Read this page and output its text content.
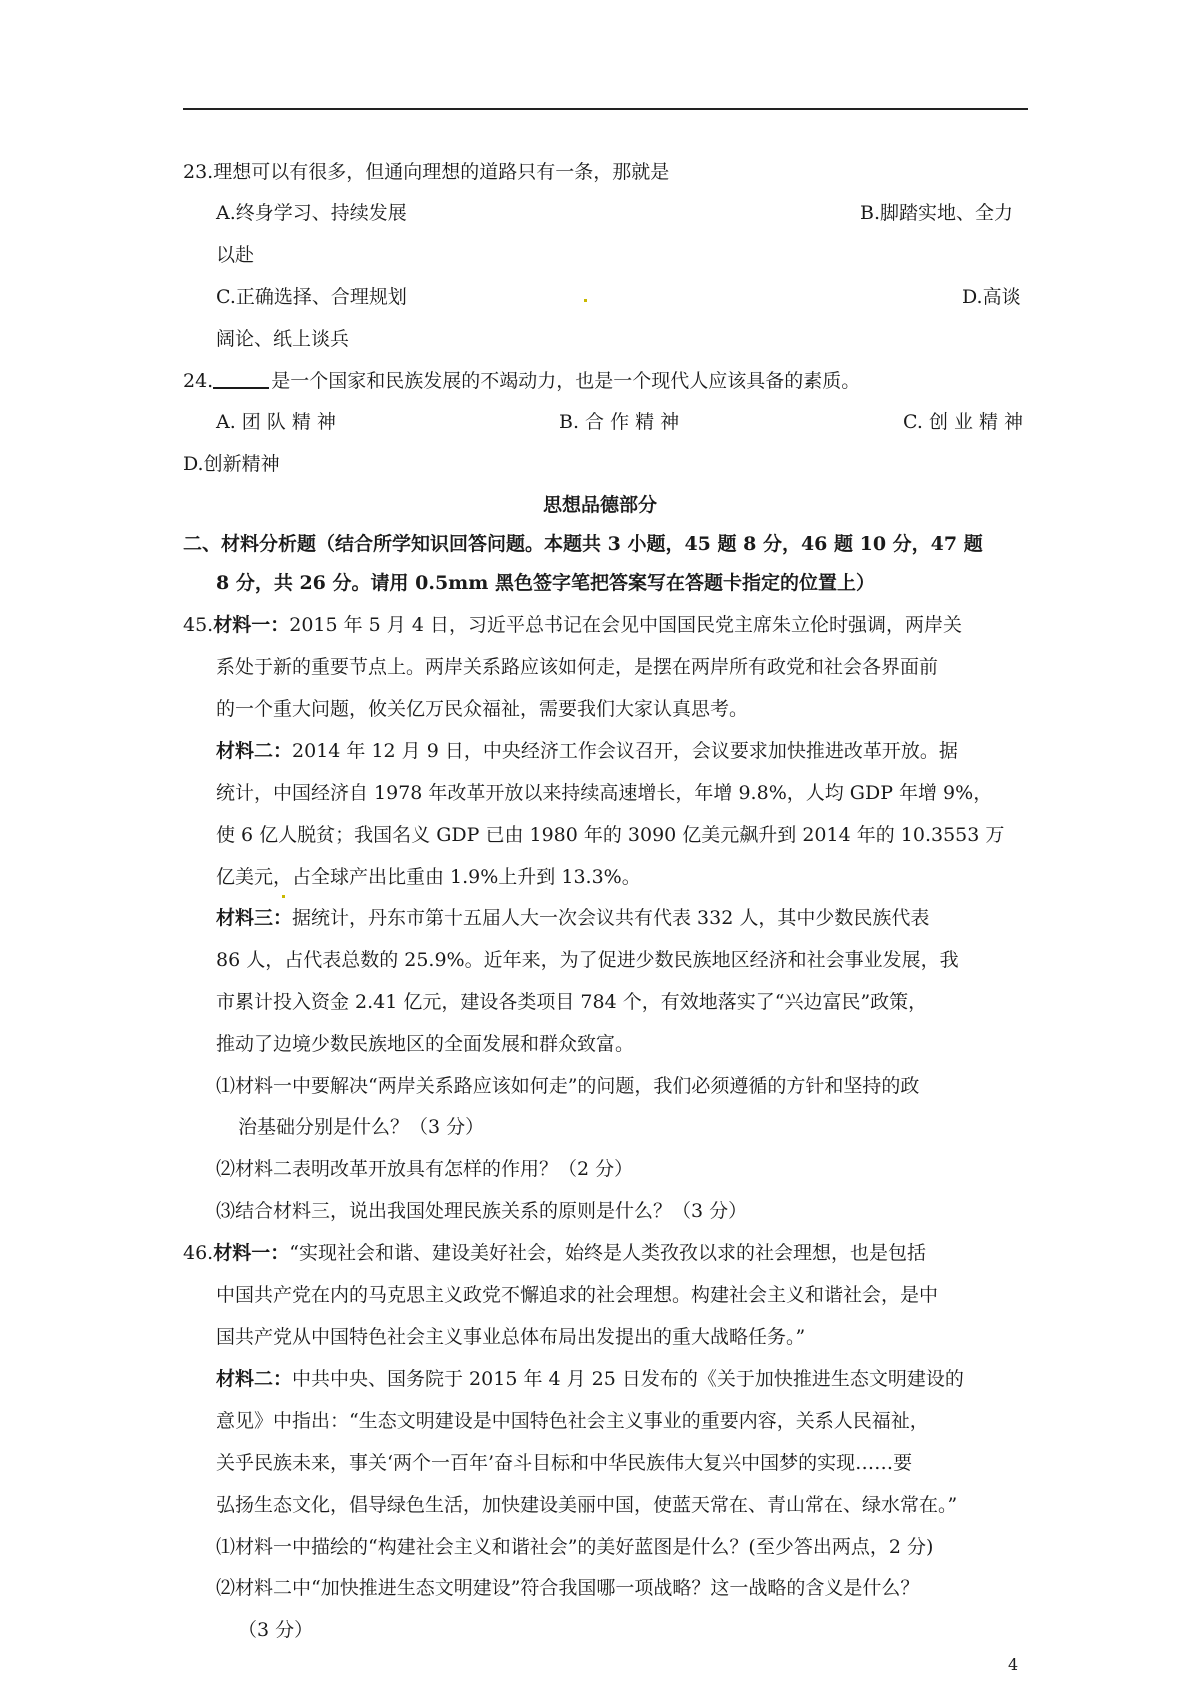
23.理想可以有很多，但通向理想的道路只有一条，那就是
A.终身学习、持续发展	B.脚踏实地、全力
以赴
C.正确选择、合理规划	D.高谈
阔论、纸上谈兵
24.	是一个国家和民族发展的不竭动力，也是一个现代人应该具备的素质。
A. 团 队 精 神	B. 合 作 精 神	C. 创 业 精 神
D.创新精神
思想品德部分
二、材料分析题（结合所学知识回答问题。本题共 3 小题，45 题 8 分，46 题 10 分，47 题
8 分，共 26 分。请用 0.5mm 黑色签字笔把答案写在答题卡指定的位置上）
45.材料一：2015 年 5 月 4 日，习近平总书记在会见中国国民党主席朱立伦时强调，两岸关
系处于新的重要节点上。两岸关系路应该如何走，是摆在两岸所有政党和社会各界面前
的一个重大问题，攸关亿万民众福祉，需要我们大家认真思考。
材料二：2014 年 12 月 9 日，中央经济工作会议召开，会议要求加快推进改革开放。据
统计，中国经济自 1978 年改革开放以来持续高速增长，年增 9.8%，人均 GDP 年增 9%，
使 6 亿人脱贫；我国名义 GDP 已由 1980 年的 3090 亿美元飙升到 2014 年的 10.3553 万
亿美元，占全球产出比重由 1.9%上升到 13.3%。
材料三：据统计，丹东市第十五届人大一次会议共有代表 332 人，其中少数民族代表
86 人，占代表总数的 25.9%。近年来，为了促进少数民族地区经济和社会事业发展，我
市累计投入资金 2.41 亿元，建设各类项目 784 个，有效地落实了“兴边富民”政策，
推动了边境少数民族地区的全面发展和群众致富。
⑴材料一中要解决“两岸关系路应该如何走”的问题，我们必须遵循的方针和坚持的政
治基础分别是什么？（3 分）
⑵材料二表明改革开放具有怎样的作用？（2 分）
⑶结合材料三，说出我国处理民族关系的原则是什么？（3 分）
46.材料一：“实现社会和谐、建设美好社会，始终是人类孜孜以求的社会理想，也是包括
中国共产党在内的马克思主义政党不懈追求的社会理想。构建社会主义和谐社会，是中
国共产党从中国特色社会主义事业总体布局出发提出的重大战略任务。”
材料二：中共中央、国务院于 2015 年 4 月 25 日发布的《关于加快推进生态文明建设的
意见》中指出：“生态文明建设是中国特色社会主义事业的重要内容，关系人民福祉，
关乎民族未来，事关‘两个一百年’奋斗目标和中华民族伟大复兴中国梦的实现……要
弘扬生态文化，倡导绿色生活，加快建设美丽中国，使蓝天常在、青山常在、绿水常在。”
⑴材料一中描绘的“构建社会主义和谐社会”的美好蓝图是什么？(至少答出两点，2 分)
⑵材料二中“加快推进生态文明建设”符合我国哪一项战略？这一战略的含义是什么？
（3 分）
4
